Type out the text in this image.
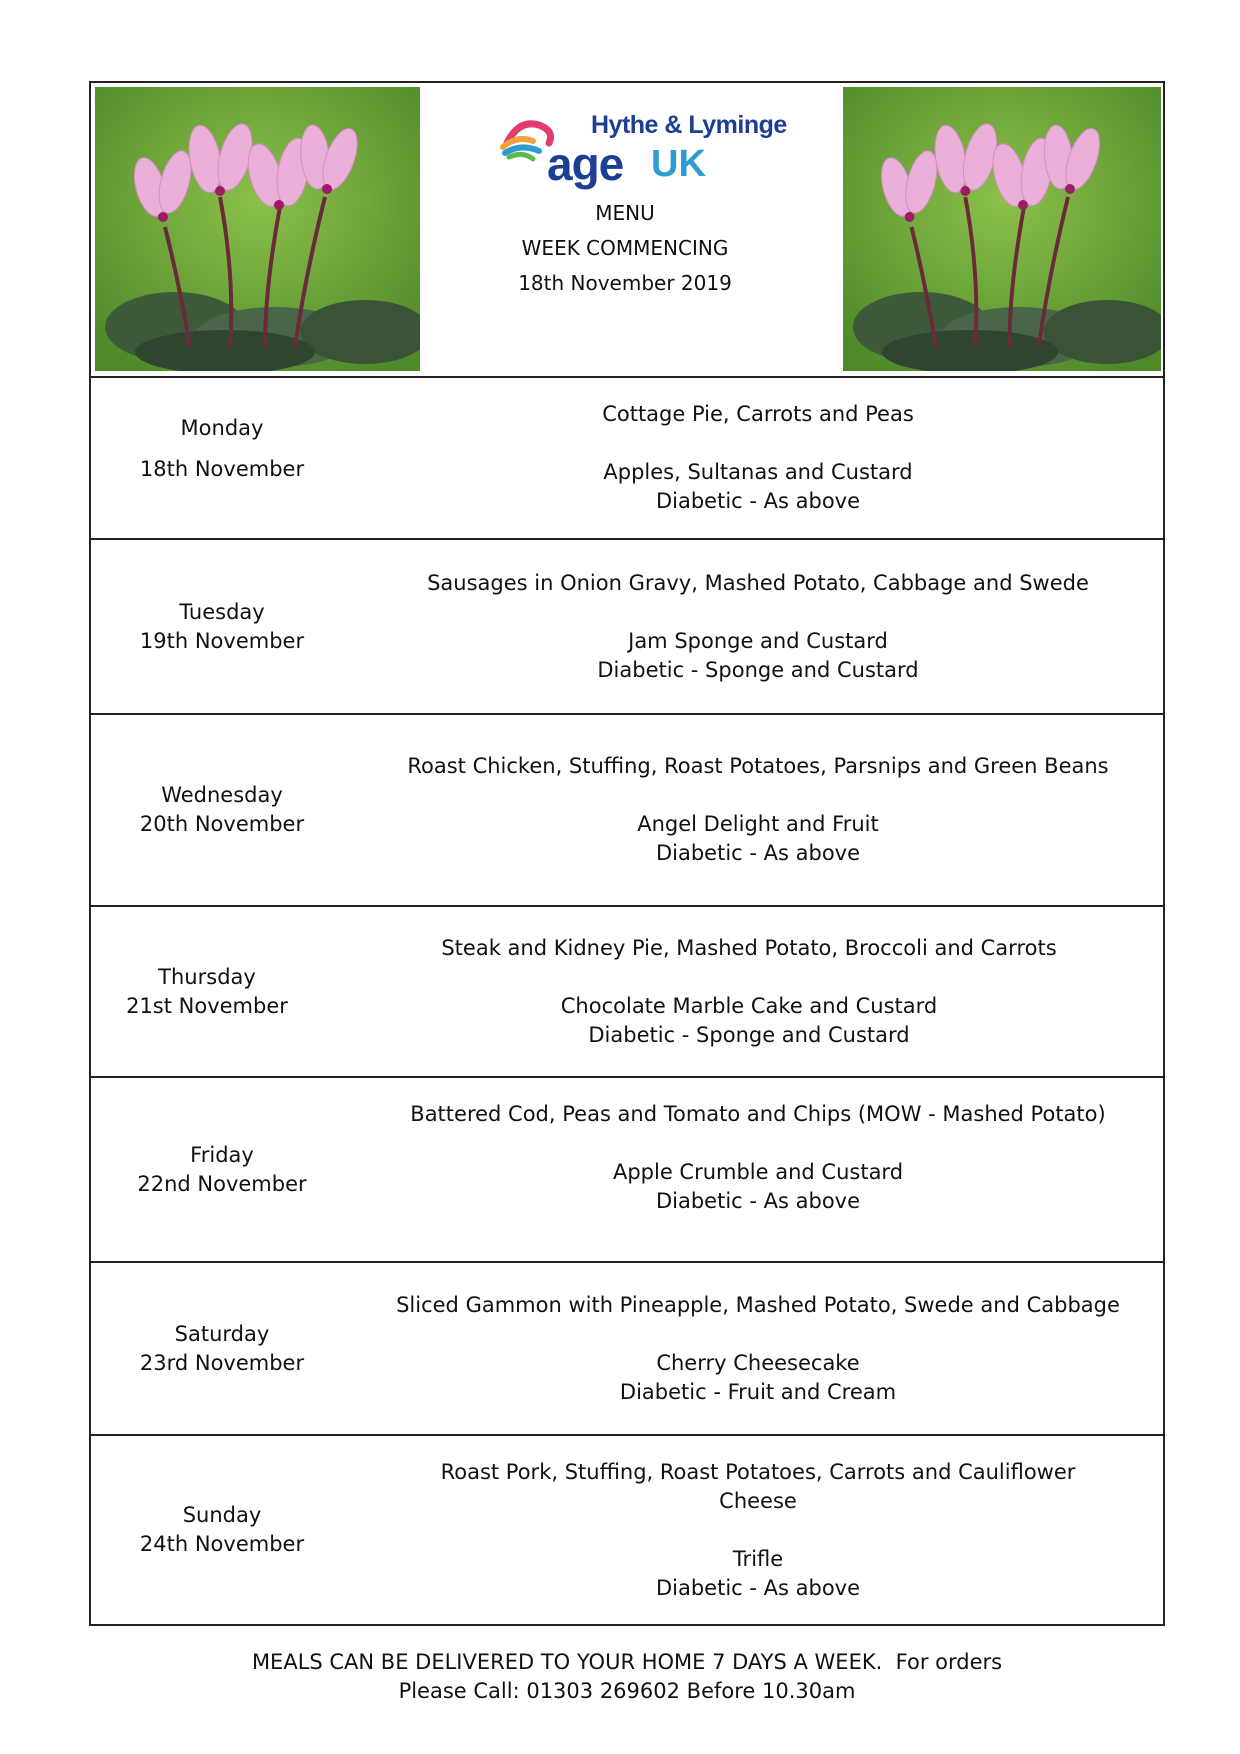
Hythe & Lyminge
age UK
MENU
WEEK COMMENCING
18th November 2019
Monday
18th November
Cottage Pie, Carrots and Peas
Apples, Sultanas and Custard
Diabetic - As above
Tuesday
19th November
Sausages in Onion Gravy, Mashed Potato, Cabbage and Swede
Jam Sponge and Custard
Diabetic - Sponge and Custard
Wednesday
20th November
Roast Chicken, Stuffing, Roast Potatoes, Parsnips and Green Beans
Angel Delight and Fruit
Diabetic - As above
Thursday
21st November
Steak and Kidney Pie, Mashed Potato, Broccoli and Carrots
Chocolate Marble Cake and Custard
Diabetic - Sponge and Custard
Friday
22nd November
Battered Cod, Peas and Tomato and Chips (MOW - Mashed Potato)
Apple Crumble and Custard
Diabetic - As above
Saturday
23rd November
Sliced Gammon with Pineapple, Mashed Potato, Swede and Cabbage
Cherry Cheesecake
Diabetic - Fruit and Cream
Sunday
24th November
Roast Pork, Stuffing, Roast Potatoes, Carrots and Cauliflower Cheese
Trifle
Diabetic - As above
MEALS CAN BE DELIVERED TO YOUR HOME 7 DAYS A WEEK.  For orders
Please Call: 01303 269602 Before 10.30am
